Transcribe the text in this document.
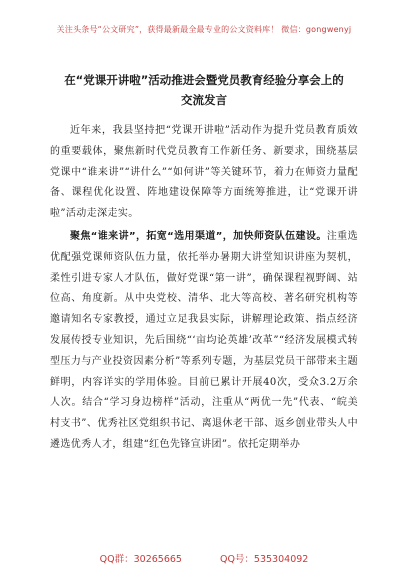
关注头条号“公文研究”，获得最新最全最专业的公文资料库！ 微信：gongwenyj
在“党课开讲啦”活动推进会暨党员教育经验分享会上的
交流发言

近年来，我县坚持把“党课开讲啦”活动作为提升党员教育质效的重要载体，聚焦新时代党员教育工作新任务、新要求，围绕基层党课中“谁来讲”“讲什么”“如何讲”等关键环节，着力在师资力量配备、课程优化设置、阵地建设保障等方面统筹推进，让“党课开讲啦”活动走深走实。

聚焦“谁来讲”，拓宽“选用渠道”，加快师资队伍建设。注重选优配强党课师资队伍力量，依托举办暑期大讲堂知识讲座为契机，柔性引进专家人才队伍，做好党课“第一讲”，确保课程视野阔、站位高、角度新。从中央党校、清华、北大等高校、著名研究机构等邀请知名专家教授，通过立足我县实际，讲解理论政策、指点经济发展传授专业知识，先后围绕“‘亩均论英雄’改革”“经济发展模式转型压力与产业投资因素分析”等系列专题，为基层党员干部带来主题鲜明，内容详实的学用体验。目前已累计开展40次，受众3.2万余人次。结合“学习身边榜样”活动，注重从“两优一先”代表、“皖美村支书”、优秀社区党组织书记、离退休老干部、返乡创业带头人中遴选优秀人才，组建“红色先锋宣讲团”。依托定期举办

QQ群：30265665	QQ号：535304092
